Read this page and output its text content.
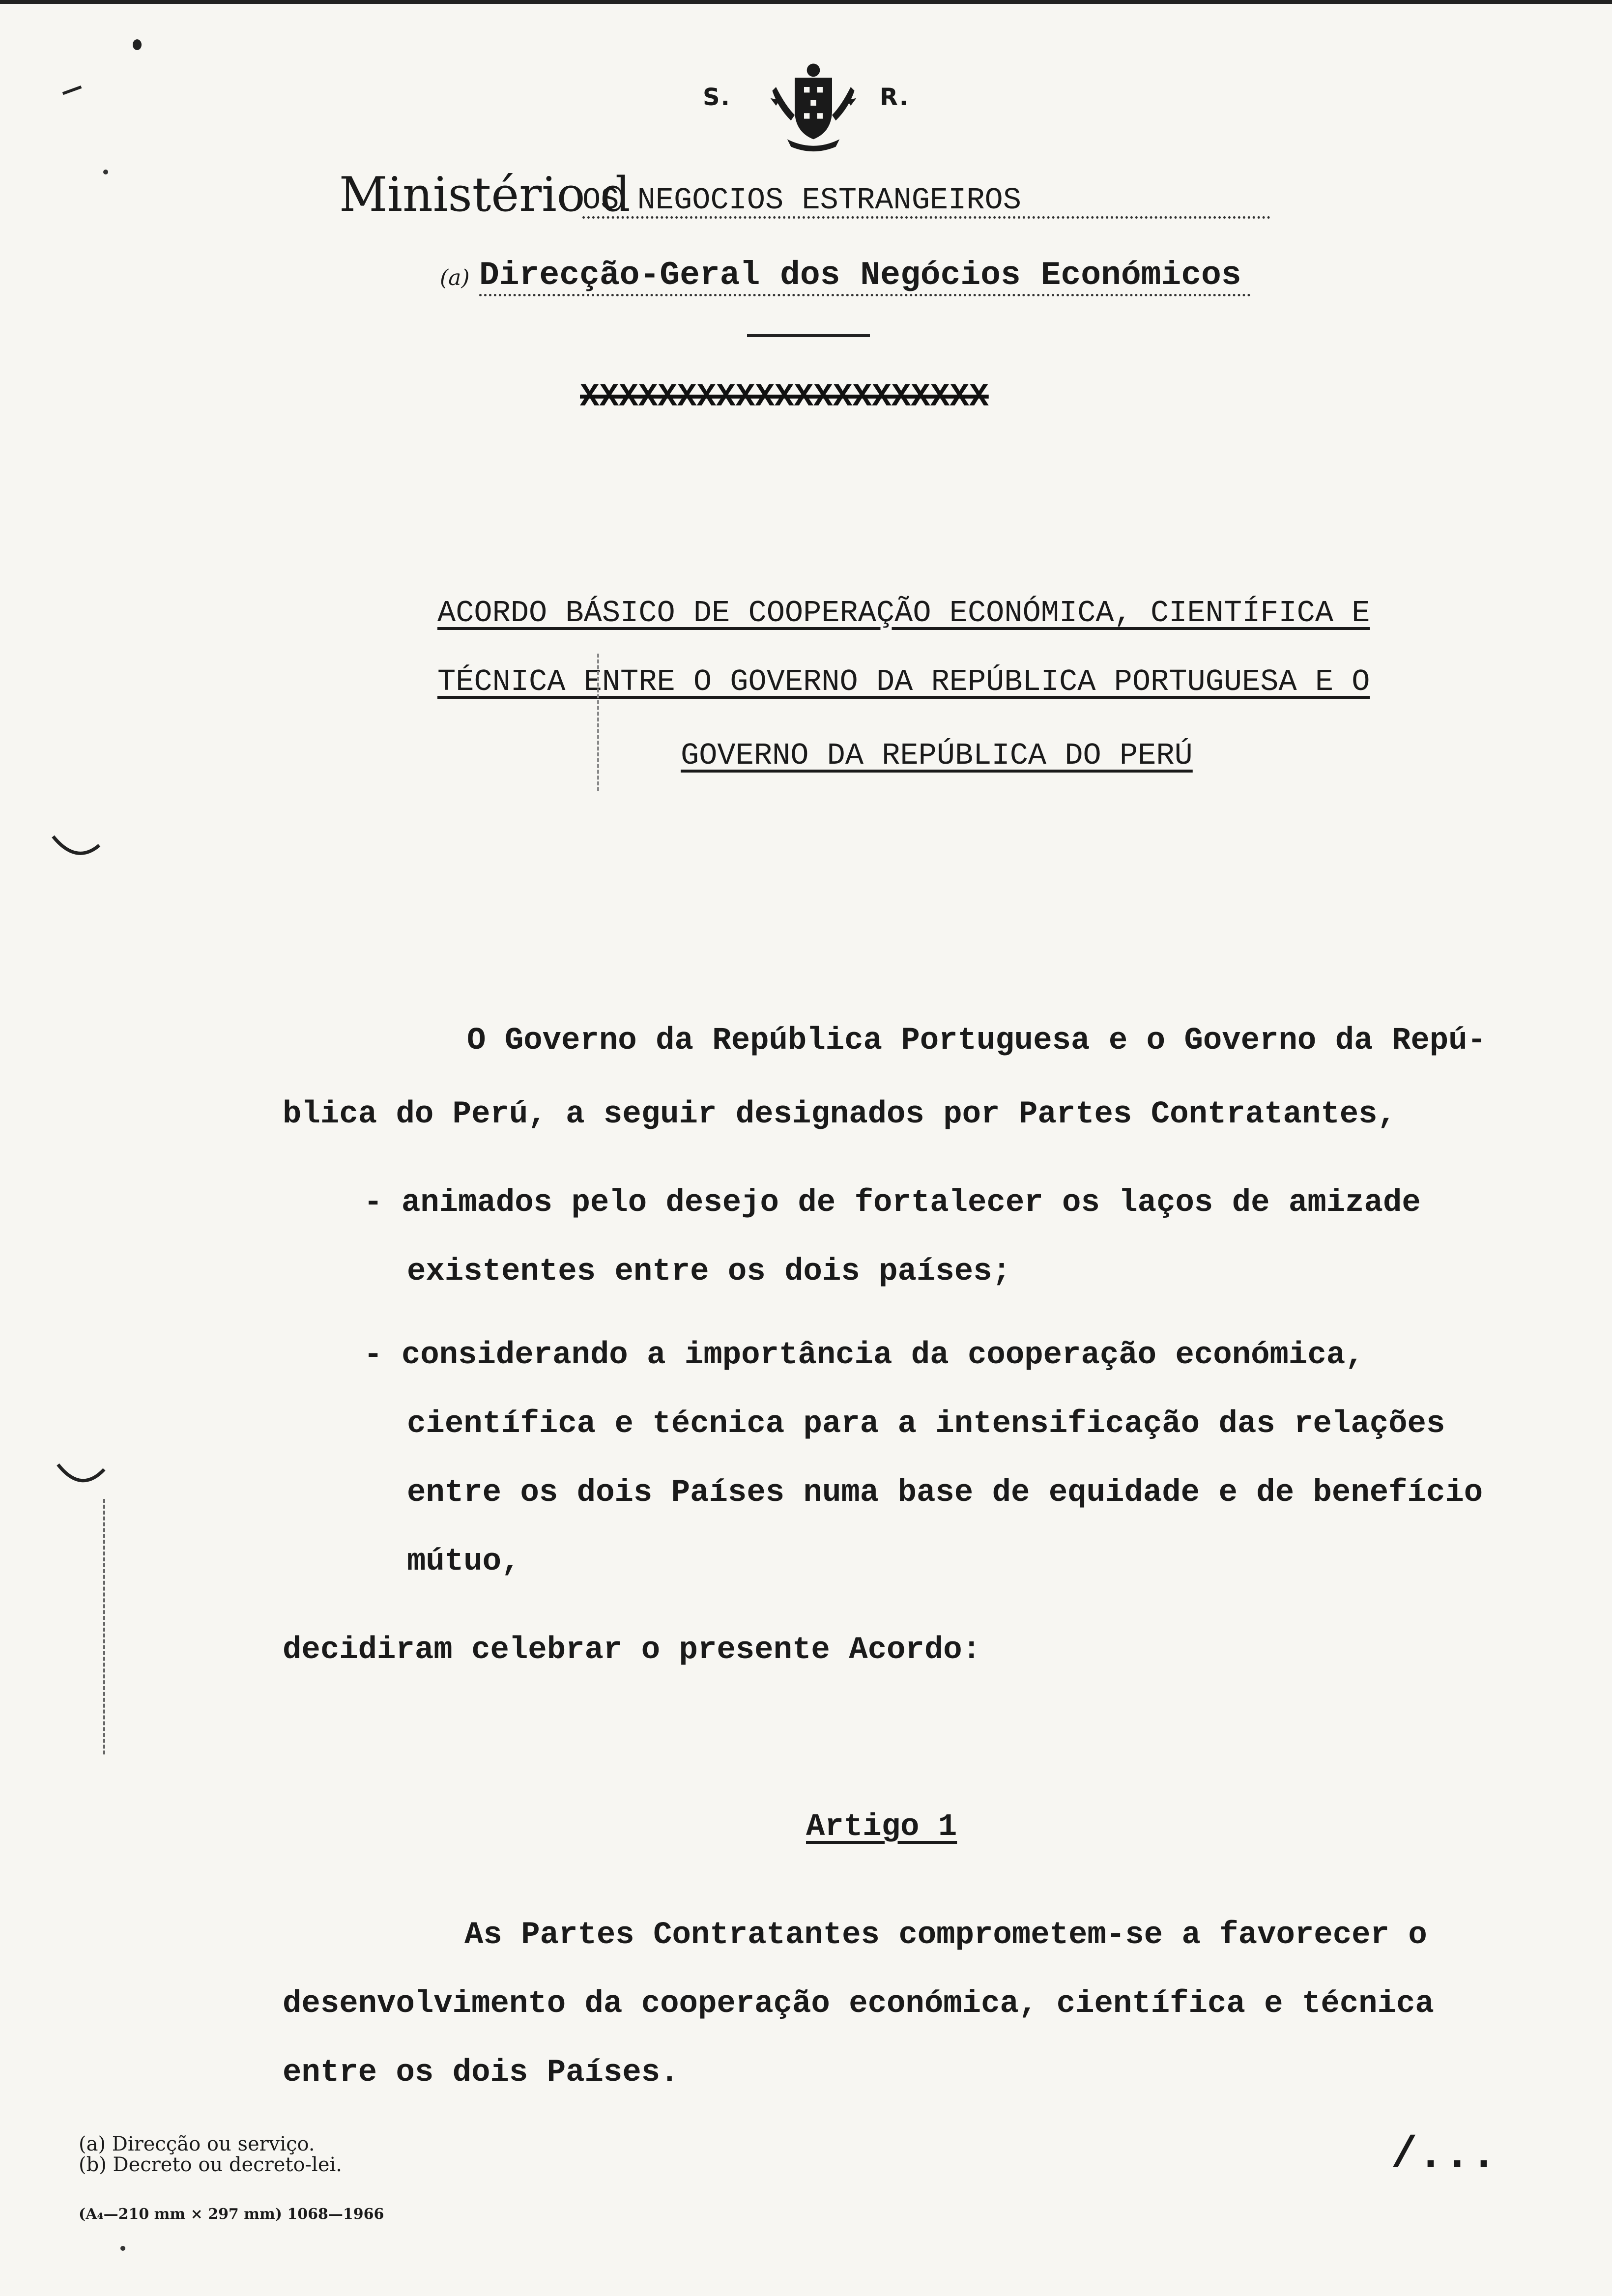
S.	R.
Ministério d
OS NEGOCIOS ESTRANGEIROS
(a) Direcção-Geral dos Negócios Económicos
XXXXXXXXXXXXXXXXXXXXX
ACORDO BÁSICO DE COOPERAÇÃO ECONÓMICA, CIENTÍFICA E
TÉCNICA ENTRE O GOVERNO DA REPÚBLICA PORTUGUESA E O
GOVERNO DA REPÚBLICA DO PERÚ
O Governo da República Portuguesa e o Governo da Repú-
blica do Perú, a seguir designados por Partes Contratantes,
- animados pelo desejo de fortalecer os laços de amizade
existentes entre os dois países;
- considerando a importância da cooperação económica,
científica e técnica para a intensificação das relações
entre os dois Países numa base de equidade e de benefício
mútuo,
decidiram celebrar o presente Acordo:
Artigo 1
As Partes Contratantes comprometem-se a favorecer o
desenvolvimento da cooperação económica, científica e técnica
entre os dois Países.
(a) Direcção ou serviço.
(b) Decreto ou decreto-lei.
(A₄—210 mm × 297 mm) 1068—1966
/...
